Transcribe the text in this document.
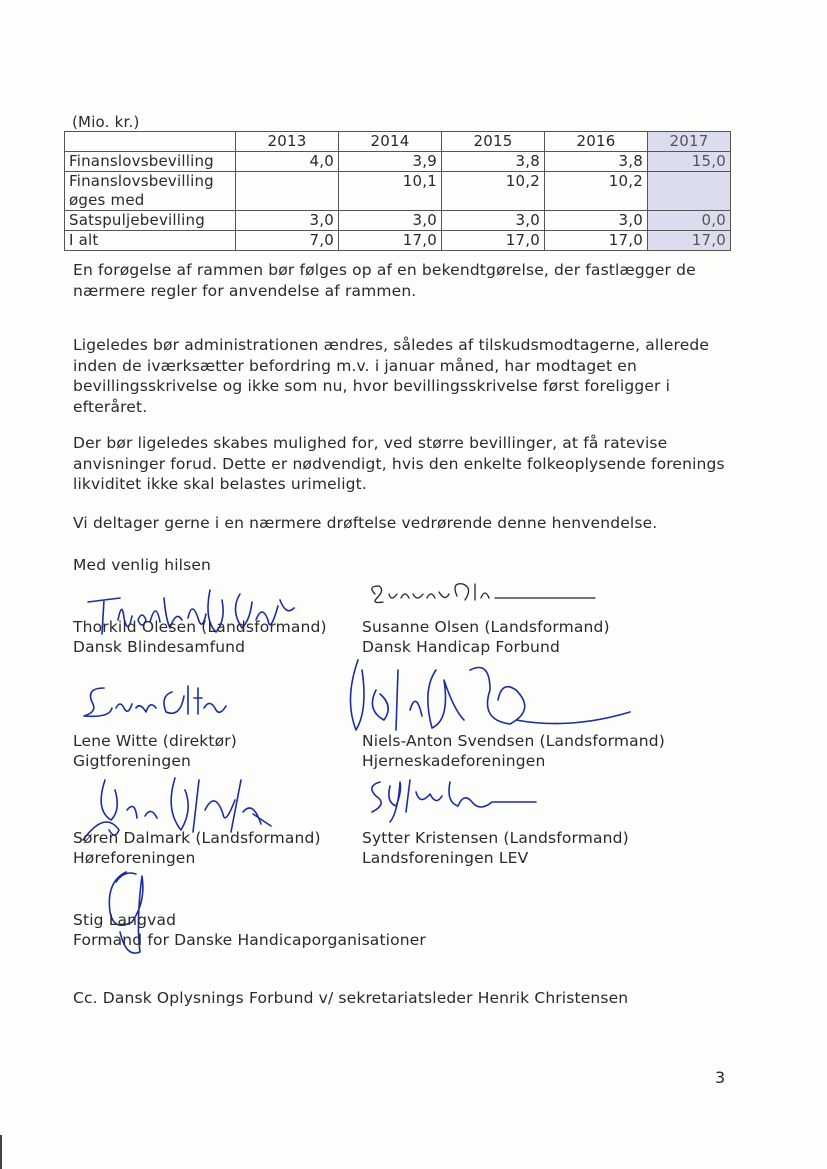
(Mio. kr.)
	2013	2014	2015	2016	2017
Finanslovsbevilling	4,0	3,9	3,8	3,8	15,0
Finanslovsbevilling øges med		10,1	10,2	10,2	
Satspuljebevilling	3,0	3,0	3,0	3,0	0,0
I alt	7,0	17,0	17,0	17,0	17,0

En forøgelse af rammen bør følges op af en bekendtgørelse, der fastlægger de nærmere regler for anvendelse af rammen.

Ligeledes bør administrationen ændres, således af tilskudsmodtagerne, allerede inden de iværksætter befordring m.v. i januar måned, har modtaget en bevillingsskrivelse og ikke som nu, hvor bevillingsskrivelse først foreligger i efteråret.

Der bør ligeledes skabes mulighed for, ved større bevillinger, at få ratevise anvisninger forud. Dette er nødvendigt, hvis den enkelte folkeoplysende forenings likviditet ikke skal belastes urimeligt.

Vi deltager gerne i en nærmere drøftelse vedrørende denne henvendelse.

Med venlig hilsen

Thorkild Olesen (Landsformand)
Dansk Blindesamfund
Susanne Olsen (Landsformand)
Dansk Handicap Forbund
Lene Witte (direktør)
Gigtforeningen
Niels-Anton Svendsen (Landsformand)
Hjerneskadeforeningen
Søren Dalmark (Landsformand)
Høreforeningen
Sytter Kristensen (Landsformand)
Landsforeningen LEV
Stig Langvad
Formand for Danske Handicaporganisationer
Cc. Dansk Oplysnings Forbund v/ sekretariatsleder Henrik Christensen
3
